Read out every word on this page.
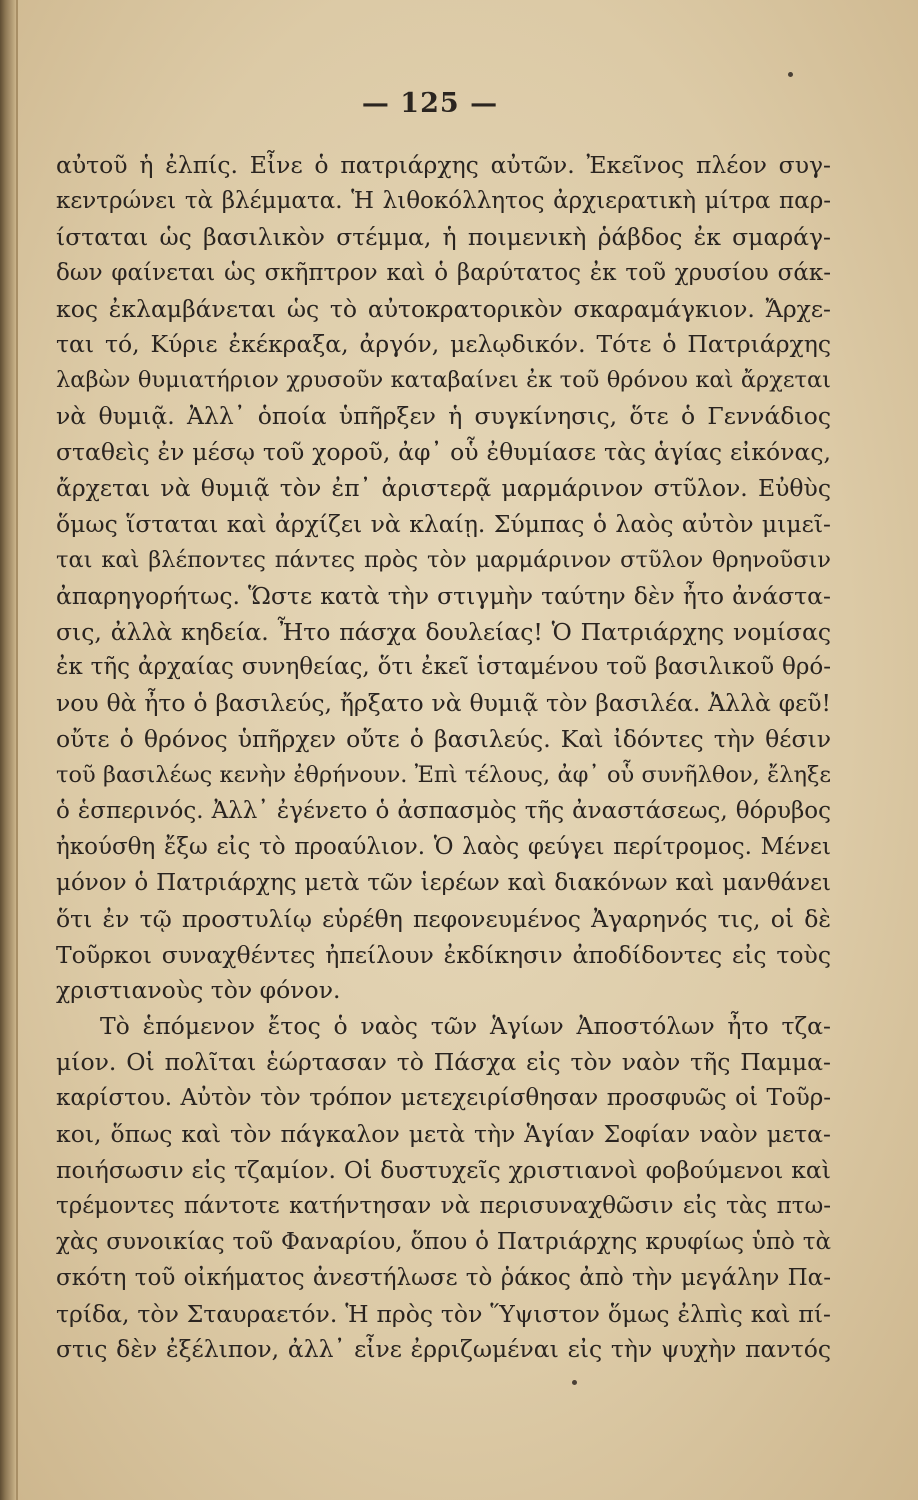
— 125 —
αὐτοῦ ἡ ἐλπίς. Εἶνε ὁ πατριάρχης αὐτῶν. Ἐκεῖνος πλέον συγ-
κεντρώνει τὰ βλέμματα. Ἡ λιθοκόλλητος ἀρχιερατικὴ μίτρα παρ-
ίσταται ὡς βασιλικὸν στέμμα, ἡ ποιμενικὴ ῥάβδος ἐκ σμαράγ-
δων φαίνεται ὡς σκῆπτρον καὶ ὁ βαρύτατος ἐκ τοῦ χρυσίου σάκ-
κος ἐκλαμβάνεται ὡς τὸ αὐτοκρατορικὸν σκαραμάγκιον. Ἄρχε-
ται τό, Κύριε ἐκέκραξα, ἀργόν, μελῳδικόν. Τότε ὁ Πατριάρχης
λαβὼν θυμιατήριον χρυσοῦν καταβαίνει ἐκ τοῦ θρόνου καὶ ἄρχεται
νὰ θυμιᾷ. Ἀλλ᾽ ὁποία ὑπῆρξεν ἡ συγκίνησις, ὅτε ὁ Γεννάδιος
σταθεὶς ἐν μέσῳ τοῦ χοροῦ, ἀφ᾽ οὗ ἐθυμίασε τὰς ἁγίας εἰκόνας,
ἄρχεται νὰ θυμιᾷ τὸν ἐπ᾽ ἀριστερᾷ μαρμάρινον στῦλον. Εὐθὺς
ὅμως ἵσταται καὶ ἀρχίζει νὰ κλαίῃ. Σύμπας ὁ λαὸς αὐτὸν μιμεῖ-
ται καὶ βλέποντες πάντες πρὸς τὸν μαρμάρινον στῦλον θρηνοῦσιν
ἀπαρηγορήτως. Ὥστε κατὰ τὴν στιγμὴν ταύτην δὲν ἦτο ἀνάστα-
σις, ἀλλὰ κηδεία. Ἦτο πάσχα δουλείας! Ὁ Πατριάρχης νομίσας
ἐκ τῆς ἀρχαίας συνηθείας, ὅτι ἐκεῖ ἱσταμένου τοῦ βασιλικοῦ θρό-
νου θὰ ἦτο ὁ βασιλεύς, ἤρξατο νὰ θυμιᾷ τὸν βασιλέα. Ἀλλὰ φεῦ!
οὔτε ὁ θρόνος ὑπῆρχεν οὔτε ὁ βασιλεύς. Καὶ ἰδόντες τὴν θέσιν
τοῦ βασιλέως κενὴν ἐθρήνουν. Ἐπὶ τέλους, ἀφ᾽ οὗ συνῆλθον, ἔληξε
ὁ ἑσπερινός. Ἀλλ᾽ ἐγένετο ὁ ἀσπασμὸς τῆς ἀναστάσεως, θόρυβος
ἠκούσθη ἔξω εἰς τὸ προαύλιον. Ὁ λαὸς φεύγει περίτρομος. Μένει
μόνον ὁ Πατριάρχης μετὰ τῶν ἱερέων καὶ διακόνων καὶ μανθάνει
ὅτι ἐν τῷ προστυλίῳ εὑρέθη πεφονευμένος Ἀγαρηνός τις, οἱ δὲ
Τοῦρκοι συναχθέντες ἠπείλουν ἐκδίκησιν ἀποδίδοντες εἰς τοὺς
χριστιανοὺς τὸν φόνον.
Τὸ ἑπόμενον ἔτος ὁ ναὸς τῶν Ἁγίων Ἀποστόλων ἦτο τζα-
μίον. Οἱ πολῖται ἑώρτασαν τὸ Πάσχα εἰς τὸν ναὸν τῆς Παμμα-
καρίστου. Αὐτὸν τὸν τρόπον μετεχειρίσθησαν προσφυῶς οἱ Τοῦρ-
κοι, ὅπως καὶ τὸν πάγκαλον μετὰ τὴν Ἁγίαν Σοφίαν ναὸν μετα-
ποιήσωσιν εἰς τζαμίον. Οἱ δυστυχεῖς χριστιανοὶ φοβούμενοι καὶ
τρέμοντες πάντοτε κατήντησαν νὰ περισυναχθῶσιν εἰς τὰς πτω-
χὰς συνοικίας τοῦ Φαναρίου, ὅπου ὁ Πατριάρχης κρυφίως ὑπὸ τὰ
σκότη τοῦ οἰκήματος ἀνεστήλωσε τὸ ῥάκος ἀπὸ τὴν μεγάλην Πα-
τρίδα, τὸν Σταυραετόν. Ἡ πρὸς τὸν Ὕψιστον ὅμως ἐλπὶς καὶ πί-
στις δὲν ἐξέλιπον, ἀλλ᾽ εἶνε ἐρριζωμέναι εἰς τὴν ψυχὴν παντός
